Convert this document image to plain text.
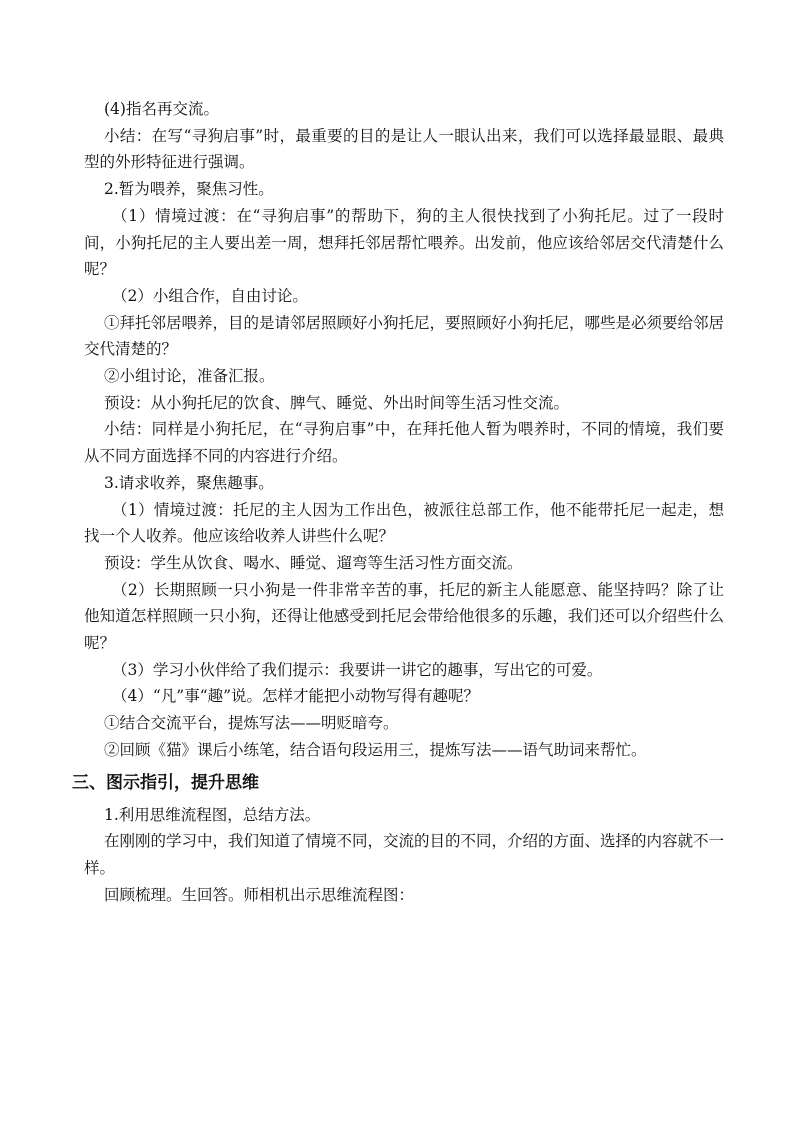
(4)指名再交流。

小结：在写“寻狗启事”时，最重要的目的是让人一眼认出来，我们可以选择最显眼、最典型的外形特征进行强调。

2.暂为喂养，聚焦习性。

（1）情境过渡：在“寻狗启事”的帮助下，狗的主人很快找到了小狗托尼。过了一段时间，小狗托尼的主人要出差一周，想拜托邻居帮忙喂养。出发前，他应该给邻居交代清楚什么呢？

（2）小组合作，自由讨论。

①拜托邻居喂养，目的是请邻居照顾好小狗托尼，要照顾好小狗托尼，哪些是必须要给邻居交代清楚的？

②小组讨论，准备汇报。

预设：从小狗托尼的饮食、脾气、睡觉、外出时间等生活习性交流。

小结：同样是小狗托尼，在“寻狗启事”中，在拜托他人暂为喂养时，不同的情境，我们要从不同方面选择不同的内容进行介绍。

3.请求收养，聚焦趣事。

（1）情境过渡：托尼的主人因为工作出色，被派往总部工作，他不能带托尼一起走，想找一个人收养。他应该给收养人讲些什么呢？

预设：学生从饮食、喝水、睡觉、遛弯等生活习性方面交流。

（2）长期照顾一只小狗是一件非常辛苦的事，托尼的新主人能愿意、能坚持吗？除了让他知道怎样照顾一只小狗，还得让他感受到托尼会带给他很多的乐趣，我们还可以介绍些什么呢？

（3）学习小伙伴给了我们提示：我要讲一讲它的趣事，写出它的可爱。

（4）“凡”事“趣”说。怎样才能把小动物写得有趣呢？

①结合交流平台，提炼写法——明贬暗夸。

②回顾《猫》课后小练笔，结合语句段运用三，提炼写法——语气助词来帮忙。

三、图示指引，提升思维

1.利用思维流程图，总结方法。

在刚刚的学习中，我们知道了情境不同，交流的目的不同，介绍的方面、选择的内容就不一样。

回顾梳理。生回答。师相机出示思维流程图：
